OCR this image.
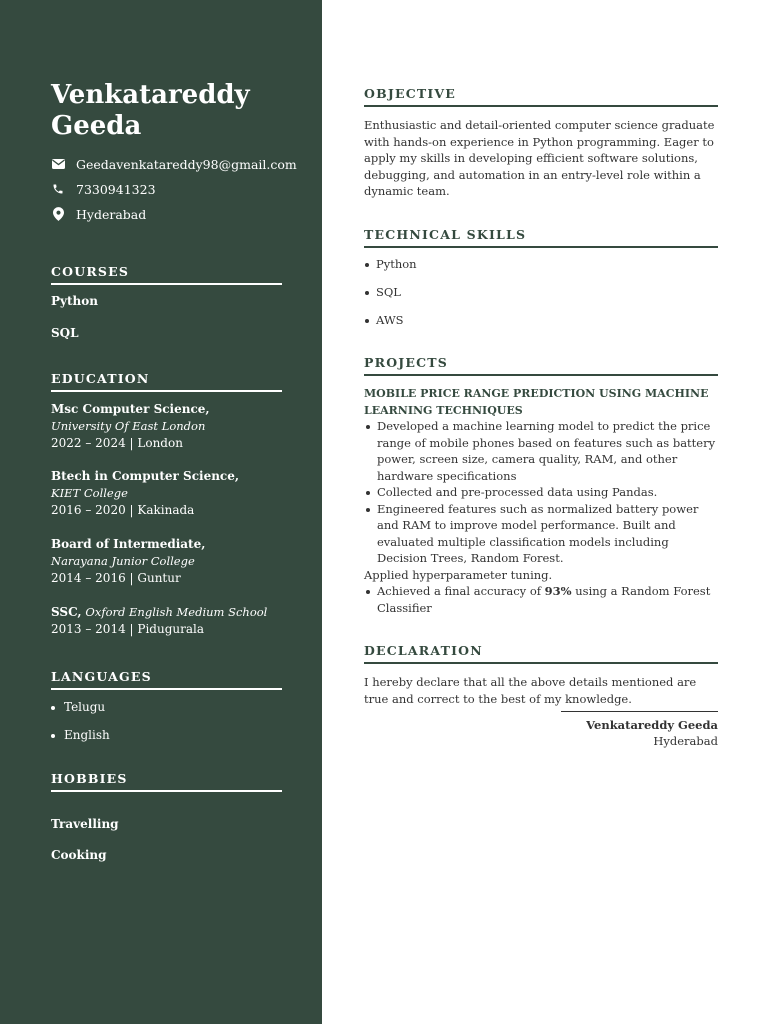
Venkatareddy Geeda
Geedavenkatareddy98@gmail.com
7330941323
Hyderabad
COURSES
Python
SQL
EDUCATION
Msc Computer Science,
University Of East London
2022 – 2024 | London
Btech in Computer Science,
KIET College
2016 – 2020 | Kakinada
Board of Intermediate,
Narayana Junior College
2014 – 2016 | Guntur
SSC, Oxford English Medium School
2013 – 2014 | Pidugurala
LANGUAGES
Telugu
English
HOBBIES
Travelling
Cooking
OBJECTIVE

Enthusiastic and detail-oriented computer science graduate with hands-on experience in Python programming. Eager to apply my skills in developing efficient software solutions, debugging, and automation in an entry-level role within a dynamic team.

TECHNICAL SKILLS
Python
SQL
AWS
PROJECTS
MOBILE PRICE RANGE PREDICTION USING MACHINE LEARNING TECHNIQUES
Developed a machine learning model to predict the price range of mobile phones based on features such as battery power, screen size, camera quality, RAM, and other hardware specifications
Collected and pre-processed data using Pandas.
Engineered features such as normalized battery power and RAM to improve model performance. Built and evaluated multiple classification models including Decision Trees, Random Forest.
Applied hyperparameter tuning.
Achieved a final accuracy of 93% using a Random Forest Classifier
DECLARATION

I hereby declare that all the above details mentioned are true and correct to the best of my knowledge.

Venkatareddy Geeda
Hyderabad
